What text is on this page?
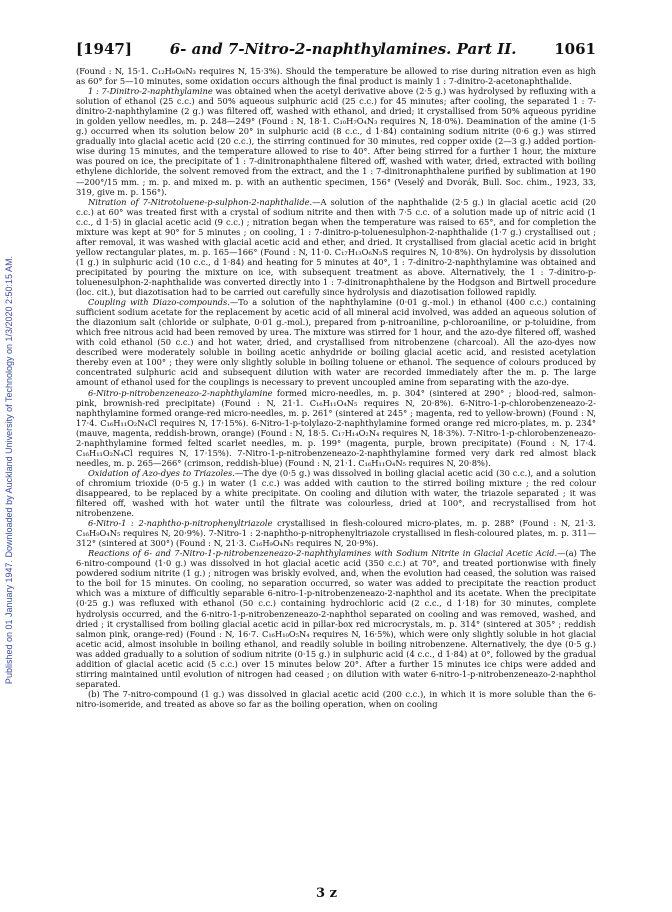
Published on 01 January 1947. Downloaded by Auckland University of Technology on 1/3/2020 2:50:15 AM.
[1947]	6- and 7-Nitro-2-naphthylamines. Part II.	1061

(Found : N, 15·1. C₁₂H₉O₆N₃ requires N, 15·3%). Should the temperature be allowed to rise during nitration even as high as 60° for 5—10 minutes, some oxidation occurs although the final product is mainly 1 : 7-dinitro-2-acetonaphthalide.

1 : 7-Dinitro-2-naphthylamine was obtained when the acetyl derivative above (2·5 g.) was hydrolysed by refluxing with a solution of ethanol (25 c.c.) and 50% aqueous sulphuric acid (25 c.c.) for 45 minutes; after cooling, the separated 1 : 7-dinitro-2-naphthylamine (2 g.) was filtered off, washed with ethanol, and dried; it crystallised from 50% aqueous pyridine in golden yellow needles, m. p. 248—249° (Found : N, 18·1. C₁₀H₇O₄N₃ requires N, 18·0%). Deamination of the amine (1·5 g.) occurred when its solution below 20° in sulphuric acid (8 c.c., d 1·84) containing sodium nitrite (0·6 g.) was stirred gradually into glacial acetic acid (20 c.c.), the stirring continued for 30 minutes, red copper oxide (2—3 g.) added portion-wise during 15 minutes, and the temperature allowed to rise to 40°. After being stirred for a further 1 hour, the mixture was poured on ice, the precipitate of 1 : 7-dinitronaphthalene filtered off, washed with water, dried, extracted with boiling ethylene dichloride, the solvent removed from the extract, and the 1 : 7-dinitronaphthalene purified by sublimation at 190—200°/15 mm. ; m. p. and mixed m. p. with an authentic specimen, 156° (Veselý and Dvorák, Bull. Soc. chim., 1923, 33, 319, give m. p. 156°).

Nitration of 7-Nitrotoluene-p-sulphon-2-naphthalide.—A solution of the naphthalide (2·5 g.) in glacial acetic acid (20 c.c.) at 60° was treated first with a crystal of sodium nitrite and then with 7·5 c.c. of a solution made up of nitric acid (1 c.c., d 1·5) in glacial acetic acid (9 c.c.) ; nitration began when the temperature was raised to 65°, and for completion the mixture was kept at 90° for 5 minutes ; on cooling, 1 : 7-dinitro-p-toluenesulphon-2-naphthalide (1·7 g.) crystallised out ; after removal, it was washed with glacial acetic acid and ether, and dried. It crystallised from glacial acetic acid in bright yellow rectangular plates, m. p. 165—166° (Found : N, 11·0. C₁₇H₁₃O₆N₃S requires N, 10·8%). On hydrolysis by dissolution (1 g.) in sulphuric acid (10 c.c., d 1·84) and heating for 5 minutes at 40°, 1 : 7-dinitro-2-naphthylamine was obtained and precipitated by pouring the mixture on ice, with subsequent treatment as above. Alternatively, the 1 : 7-dinitro-p-toluenesulphon-2-naphthalide was converted directly into 1 : 7-dinitronaphthalene by the Hodgson and Birtwell procedure (loc. cit.), but diazotisation had to be carried out carefully since hydrolysis and diazotisation followed rapidly.

Coupling with Diazo-compounds.—To a solution of the naphthylamine (0·01 g.-mol.) in ethanol (400 c.c.) containing sufficient sodium acetate for the replacement by acetic acid of all mineral acid involved, was added an aqueous solution of the diazonium salt (chloride or sulphate, 0·01 g.-mol.), prepared from p-nitroaniline, p-chloroaniline, or p-toluidine, from which free nitrous acid had been removed by urea. The mixture was stirred for 1 hour, and the azo-dye filtered off, washed with cold ethanol (50 c.c.) and hot water, dried, and crystallised from nitrobenzene (charcoal). All the azo-dyes now described were moderately soluble in boiling acetic anhydride or boiling glacial acetic acid, and resisted acetylation thereby even at 100° ; they were only slightly soluble in boiling toluene or ethanol. The sequence of colours produced by concentrated sulphuric acid and subsequent dilution with water are recorded immediately after the m. p. The large amount of ethanol used for the couplings is necessary to prevent uncoupled amine from separating with the azo-dye.

6-Nitro-p-nitrobenzeneazo-2-naphthylamine formed micro-needles, m. p. 304° (sintered at 290° ; blood-red, salmon-pink, brownish-red precipitate) (Found : N, 21·1. C₁₆H₁₁O₄N₅ requires N, 20·8%). 6-Nitro-1-p-chlorobenzeneazo-2-naphthylamine formed orange-red micro-needles, m. p. 261° (sintered at 245° ; magenta, red to yellow-brown) (Found : N, 17·4. C₁₆H₁₁O₂N₄Cl requires N, 17·15%). 6-Nitro-1-p-tolylazo-2-naphthylamine formed orange red micro-plates, m. p. 234° (mauve, magenta, reddish-brown, orange) (Found : N, 18·5. C₁₇H₁₄O₂N₄ requires N, 18·3%). 7-Nitro-1-p-chlorobenzeneazo-2-naphthylamine formed felted scarlet needles, m. p. 199° (magenta, purple, brown precipitate) (Found : N, 17·4. C₁₆H₁₁O₂N₄Cl requires N, 17·15%). 7-Nitro-1-p-nitrobenzeneazo-2-naphthylamine formed very dark red almost black needles, m. p. 265—266° (crimson, reddish-blue) (Found : N, 21·1. C₁₆H₁₁O₄N₅ requires N, 20·8%).

Oxidation of Azo-dyes to Triazoles.—The dye (0·5 g.) was dissolved in boiling glacial acetic acid (30 c.c.), and a solution of chromium trioxide (0·5 g.) in water (1 c.c.) was added with caution to the stirred boiling mixture ; the red colour disappeared, to be replaced by a white precipitate. On cooling and dilution with water, the triazole separated ; it was filtered off, washed with hot water until the filtrate was colourless, dried at 100°, and recrystallised from hot nitrobenzene.

6-Nitro-1 : 2-naphtho-p-nitrophenyltriazole crystallised in flesh-coloured micro-plates, m. p. 288° (Found : N, 21·3. C₁₆H₉O₄N₅ requires N, 20·9%). 7-Nitro-1 : 2-naphtho-p-nitrophenyltriazole crystallised in flesh-coloured plates, m. p. 311—312° (sintered at 300°) (Found : N, 21·3. C₁₆H₉O₄N₅ requires N, 20·9%).

Reactions of 6- and 7-Nitro-1-p-nitrobenzeneazo-2-naphthylamines with Sodium Nitrite in Glacial Acetic Acid.—(a) The 6-nitro-compound (1·0 g.) was dissolved in hot glacial acetic acid (350 c.c.) at 70°, and treated portionwise with finely powdered sodium nitrite (1 g.) ; nitrogen was briskly evolved, and, when the evolution had ceased, the solution was raised to the boil for 15 minutes. On cooling, no separation occurred, so water was added to precipitate the reaction product which was a mixture of difficultly separable 6-nitro-1-p-nitrobenzeneazo-2-naphthol and its acetate. When the precipitate (0·25 g.) was refluxed with ethanol (50 c.c.) containing hydrochloric acid (2 c.c., d 1·18) for 30 minutes, complete hydrolysis occurred, and the 6-nitro-1-p-nitrobenzeneazo-2-naphthol separated on cooling and was removed, washed, and dried ; it crystallised from boiling glacial acetic acid in pillar-box red microcrystals, m. p. 314° (sintered at 305° ; reddish salmon pink, orange-red) (Found : N, 16·7. C₁₆H₁₀O₅N₄ requires N, 16·5%), which were only slightly soluble in hot glacial acetic acid, almost insoluble in boiling ethanol, and readily soluble in boiling nitrobenzene. Alternatively, the dye (0·5 g.) was added gradually to a solution of sodium nitrite (0·15 g.) in sulphuric acid (4 c.c., d 1·84) at 0°, followed by the gradual addition of glacial acetic acid (5 c.c.) over 15 minutes below 20°. After a further 15 minutes ice chips were added and stirring maintained until evolution of nitrogen had ceased ; on dilution with water 6-nitro-1-p-nitrobenzeneazo-2-naphthol separated.

(b) The 7-nitro-compound (1 g.) was dissolved in glacial acetic acid (200 c.c.), in which it is more soluble than the 6-nitro-isomeride, and treated as above so far as the boiling operation, when on cooling

3 z
